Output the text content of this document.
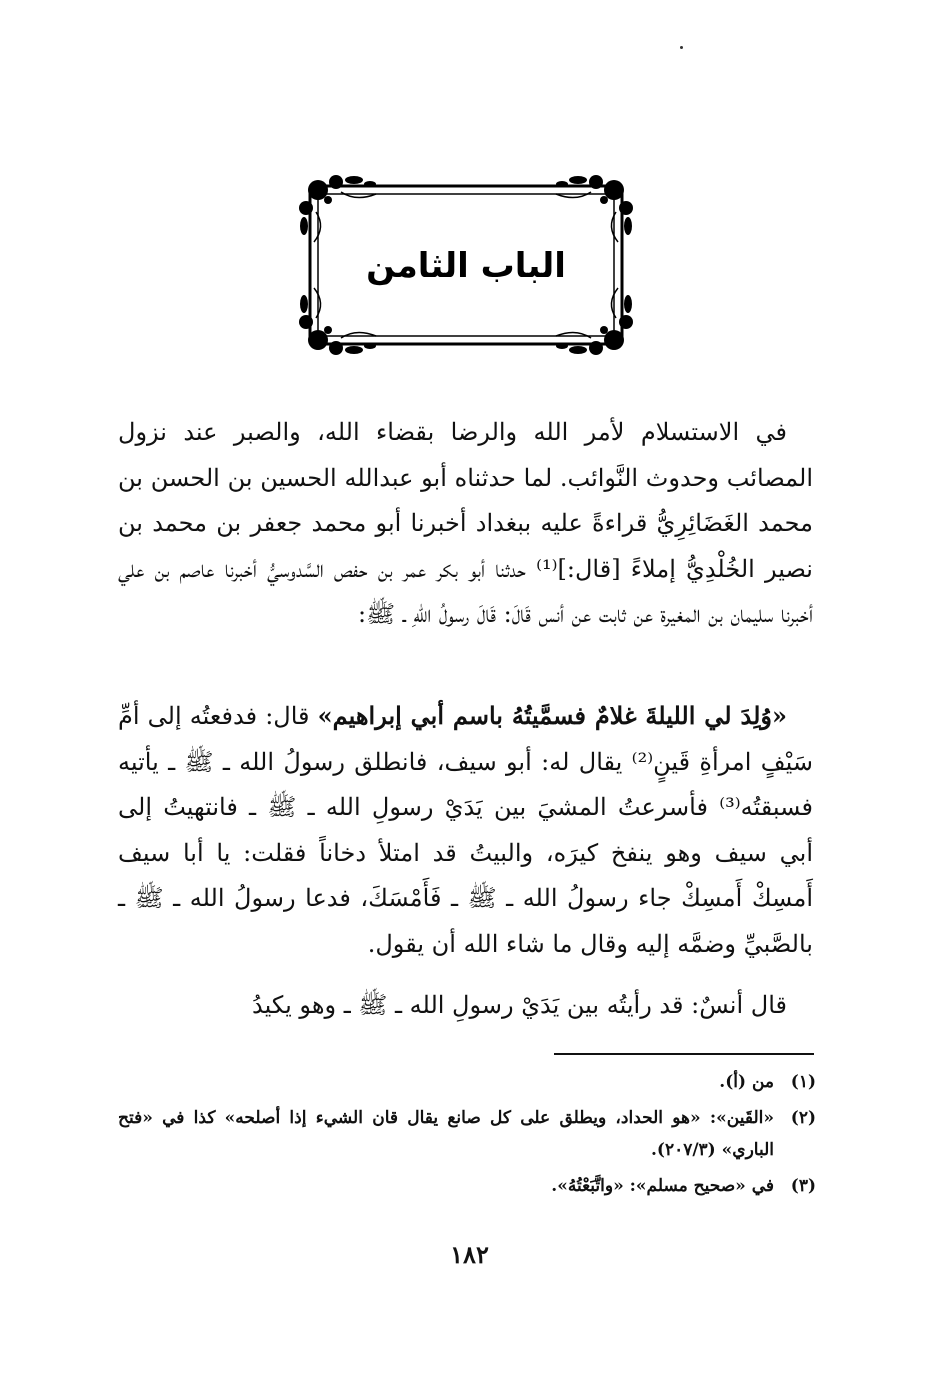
الباب الثامن

في الاستسلام لأمر الله والرضا بقضاء الله، والصبر عند نزول المصائب وحدوث النَّوائب. لما حدثناه أبو عبدالله الحسين بن الحسن بن محمد الغَضَائِرِيُّ قراءةً عليه ببغداد أخبرنا أبو محمد جعفر بن محمد بن نصير الخُلْدِيُّ إملاءً [قال:]⁽¹⁾ حدثنا أبو بكر عمر بن حفص السَّدوسيُّ أخبرنا عاصم بن علي أخبرنا سليمان بن المغيرة عن ثابت عن أنس قَالَ: قَالَ رسولُ اللهِ ـ ﷺ:

«وُلِدَ لي الليلةَ غلامٌ فسمَّيتُهُ باسم أبي إبراهيم» قال: فدفعتُه إلى أمِّ سَيْفٍ امرأةِ قَينٍ⁽²⁾ يقال له: أبو سيف، فانطلق رسولُ الله ـ ﷺ ـ يأتيه فسبقتُه⁽³⁾ فأسرعتُ المشيَ بين يَدَيْ رسولِ الله ـ ﷺ ـ فانتهيتُ إلى أبي سيف وهو ينفخ كيرَه، والبيتُ قد امتلأ دخاناً فقلت: يا أبا سيف أَمسِكْ أَمسِكْ جاء رسولُ الله ـ ﷺ ـ فَأَمْسَكَ، فدعا رسولُ الله ـ ﷺ ـ بالصَّبيِّ وضمَّه إليه وقال ما شاء الله أن يقول.

قال أنسٌ: قد رأيتُه بين يَدَيْ رسولِ الله ـ ﷺ ـ وهو يكيدُ

(١)
من (أ).
(٢)
«القَين»: «هو الحداد، ويطلق على كل صانع يقال قان الشيء إذا أصلحه» كذا في «فتح الباري» (٢٠٧/٣).
(٣)
في «صحيح مسلم»: «واتَّبَعْتُهُ».
١٨٢
